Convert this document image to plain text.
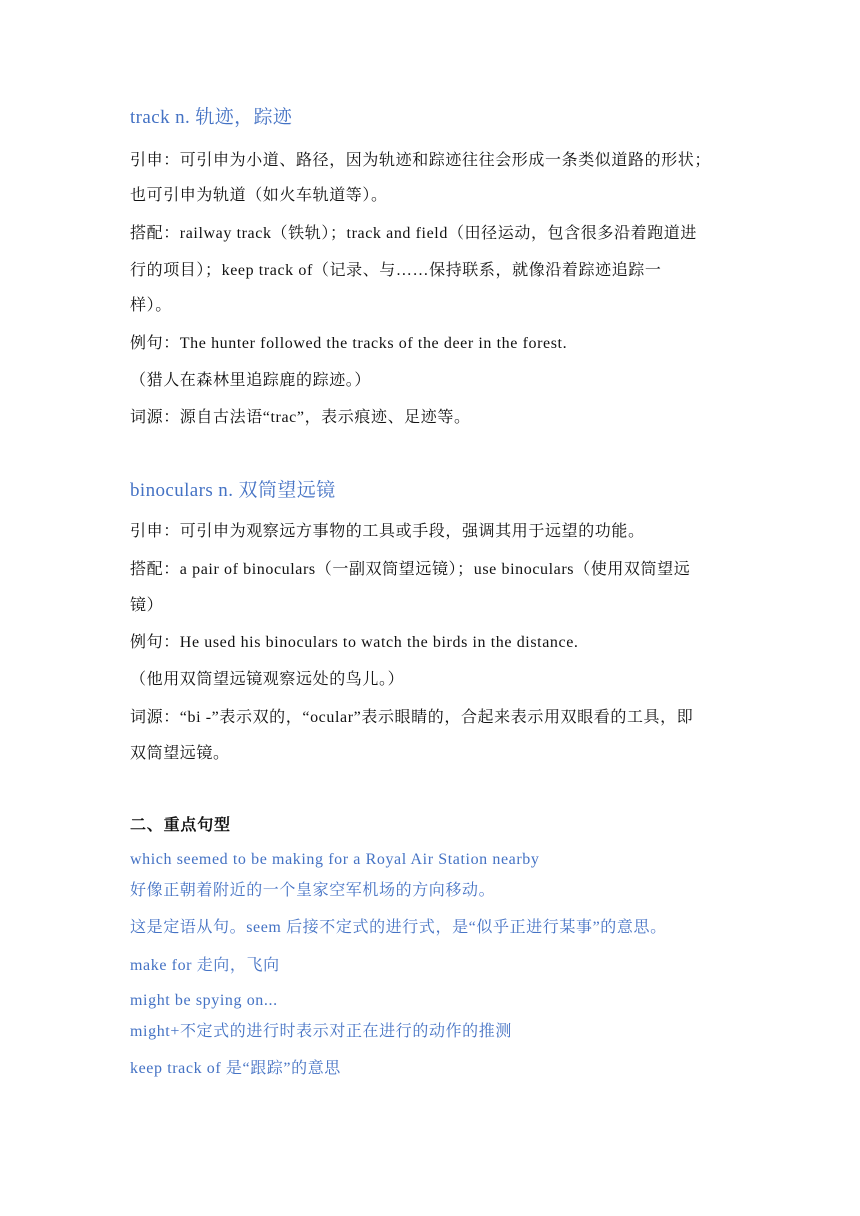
track n. 轨迹，踪迹
引申：可引申为小道、路径，因为轨迹和踪迹往往会形成一条类似道路的形状；
也可引申为轨道（如火车轨道等）。
搭配：railway track（铁轨）；track and field（田径运动，包含很多沿着跑道进
行的项目）；keep track of（记录、与……保持联系，就像沿着踪迹追踪一
样）。
例句：The hunter followed the tracks of the deer in the forest.
（猎人在森林里追踪鹿的踪迹。）
词源：源自古法语“trac”，表示痕迹、足迹等。
binoculars n. 双筒望远镜
引申：可引申为观察远方事物的工具或手段，强调其用于远望的功能。
搭配：a pair of binoculars（一副双筒望远镜）；use binoculars（使用双筒望远
镜）
例句：He used his binoculars to watch the birds in the distance.
（他用双筒望远镜观察远处的鸟儿。）
词源：“bi -”表示双的，“ocular”表示眼睛的，合起来表示用双眼看的工具，即
双筒望远镜。
二、重点句型
which seemed to be making for a Royal Air Station nearby
好像正朝着附近的一个皇家空军机场的方向移动。
这是定语从句。seem 后接不定式的进行式，是“似乎正进行某事”的意思。
make for 走向，飞向
might be spying on...
might+不定式的进行时表示对正在进行的动作的推测
keep track of 是“跟踪”的意思
